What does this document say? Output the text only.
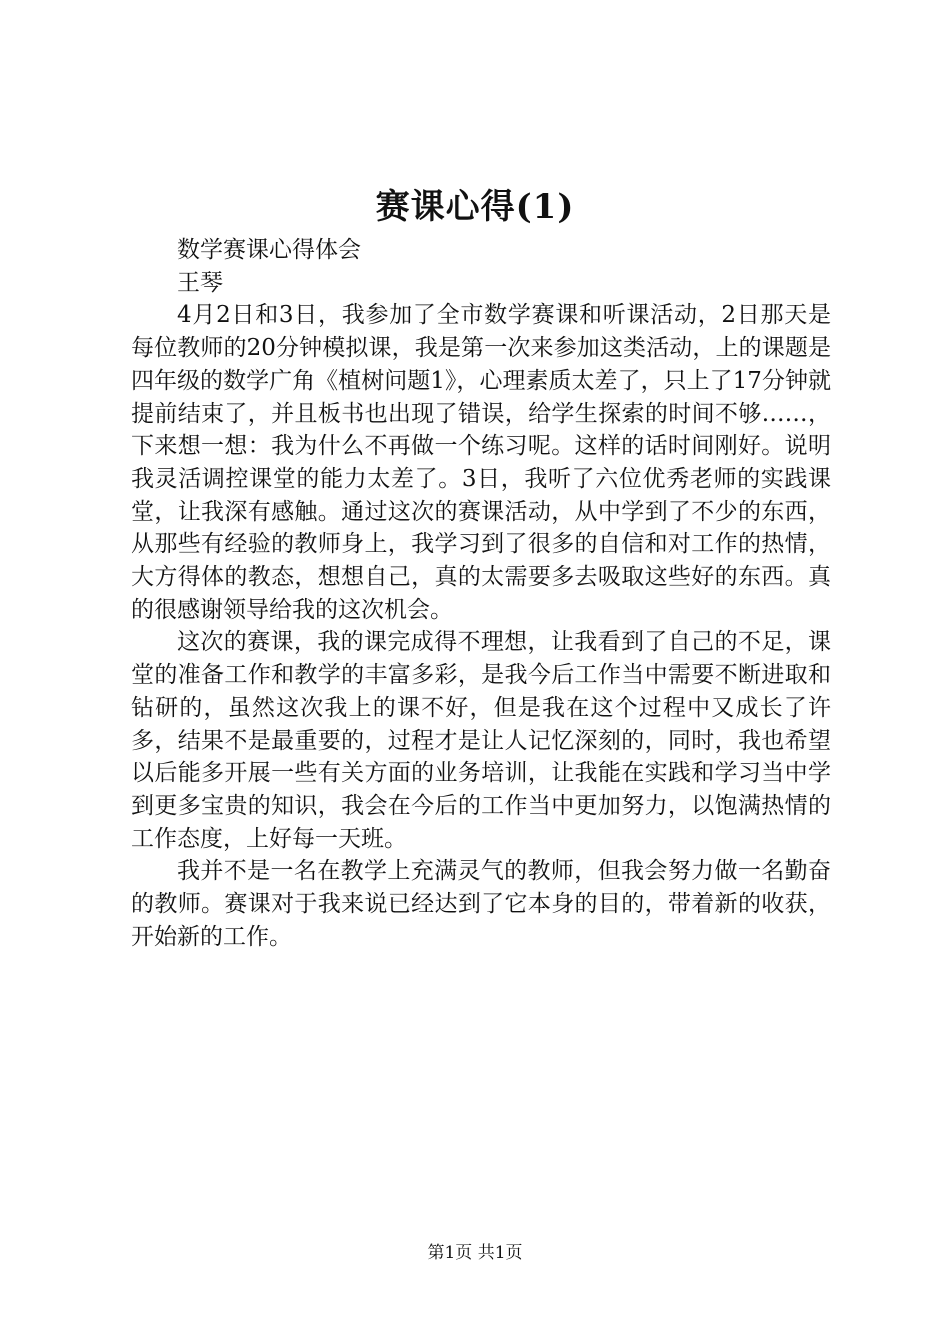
赛课心得(1)

数学赛课心得体会

王琴

4月2日和3日，我参加了全市数学赛课和听课活动，2日那天是每位教师的20分钟模拟课，我是第一次来参加这类活动，上的课题是四年级的数学广角《植树问题1》，心理素质太差了，只上了17分钟就提前结束了，并且板书也出现了错误，给学生探索的时间不够……，下来想一想：我为什么不再做一个练习呢。这样的话时间刚好。说明我灵活调控课堂的能力太差了。3日，我听了六位优秀老师的实践课堂，让我深有感触。通过这次的赛课活动，从中学到了不少的东西，从那些有经验的教师身上，我学习到了很多的自信和对工作的热情，大方得体的教态，想想自己，真的太需要多去吸取这些好的东西。真的很感谢领导给我的这次机会。

这次的赛课，我的课完成得不理想，让我看到了自己的不足，课堂的准备工作和教学的丰富多彩，是我今后工作当中需要不断进取和钻研的，虽然这次我上的课不好，但是我在这个过程中又成长了许多，结果不是最重要的，过程才是让人记忆深刻的，同时，我也希望以后能多开展一些有关方面的业务培训，让我能在实践和学习当中学到更多宝贵的知识，我会在今后的工作当中更加努力，以饱满热情的工作态度，上好每一天班。

我并不是一名在教学上充满灵气的教师，但我会努力做一名勤奋的教师。赛课对于我来说已经达到了它本身的目的，带着新的收获，开始新的工作。

第1页 共1页
